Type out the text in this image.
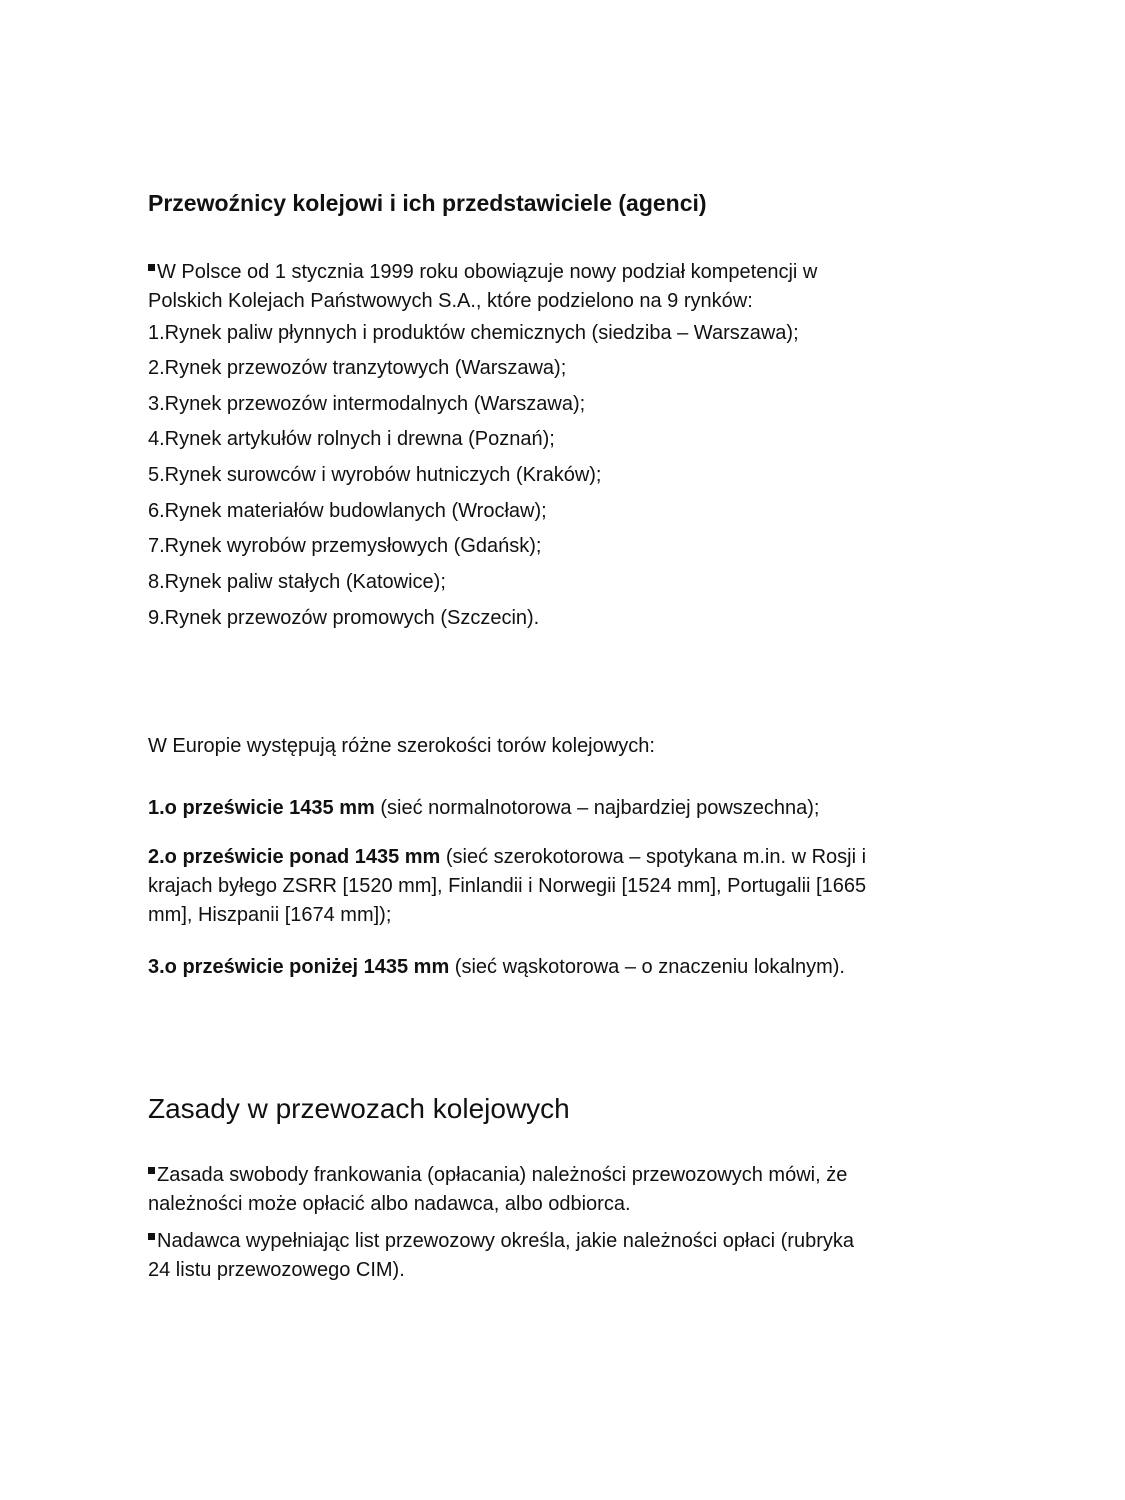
Przewoźnicy kolejowi i ich przedstawiciele (agenci)

W Polsce od 1 stycznia 1999 roku obowiązuje nowy podział kompetencji w
Polskich Kolejach Państwowych S.A., które podzielono na 9 rynków:

1.Rynek paliw płynnych i produktów chemicznych (siedziba – Warszawa);

2.Rynek przewozów tranzytowych (Warszawa);

3.Rynek przewozów intermodalnych (Warszawa);

4.Rynek artykułów rolnych i drewna (Poznań);

5.Rynek surowców i wyrobów hutniczych (Kraków);

6.Rynek materiałów budowlanych (Wrocław);

7.Rynek wyrobów przemysłowych (Gdańsk);

8.Rynek paliw stałych (Katowice);

9.Rynek przewozów promowych (Szczecin).

W Europie występują różne szerokości torów kolejowych:

1.o prześwicie 1435 mm (sieć normalnotorowa – najbardziej powszechna);

2.o prześwicie ponad 1435 mm (sieć szerokotorowa – spotykana m.in. w Rosji i
krajach byłego ZSRR [1520 mm], Finlandii i Norwegii [1524 mm], Portugalii [1665
mm], Hiszpanii [1674 mm]);

3.o prześwicie poniżej 1435 mm (sieć wąskotorowa – o znaczeniu lokalnym).

Zasady w przewozach kolejowych

Zasada swobody frankowania (opłacania) należności przewozowych mówi, że
należności może opłacić albo nadawca, albo odbiorca.

Nadawca wypełniając list przewozowy określa, jakie należności opłaci (rubryka
24 listu przewozowego CIM).
